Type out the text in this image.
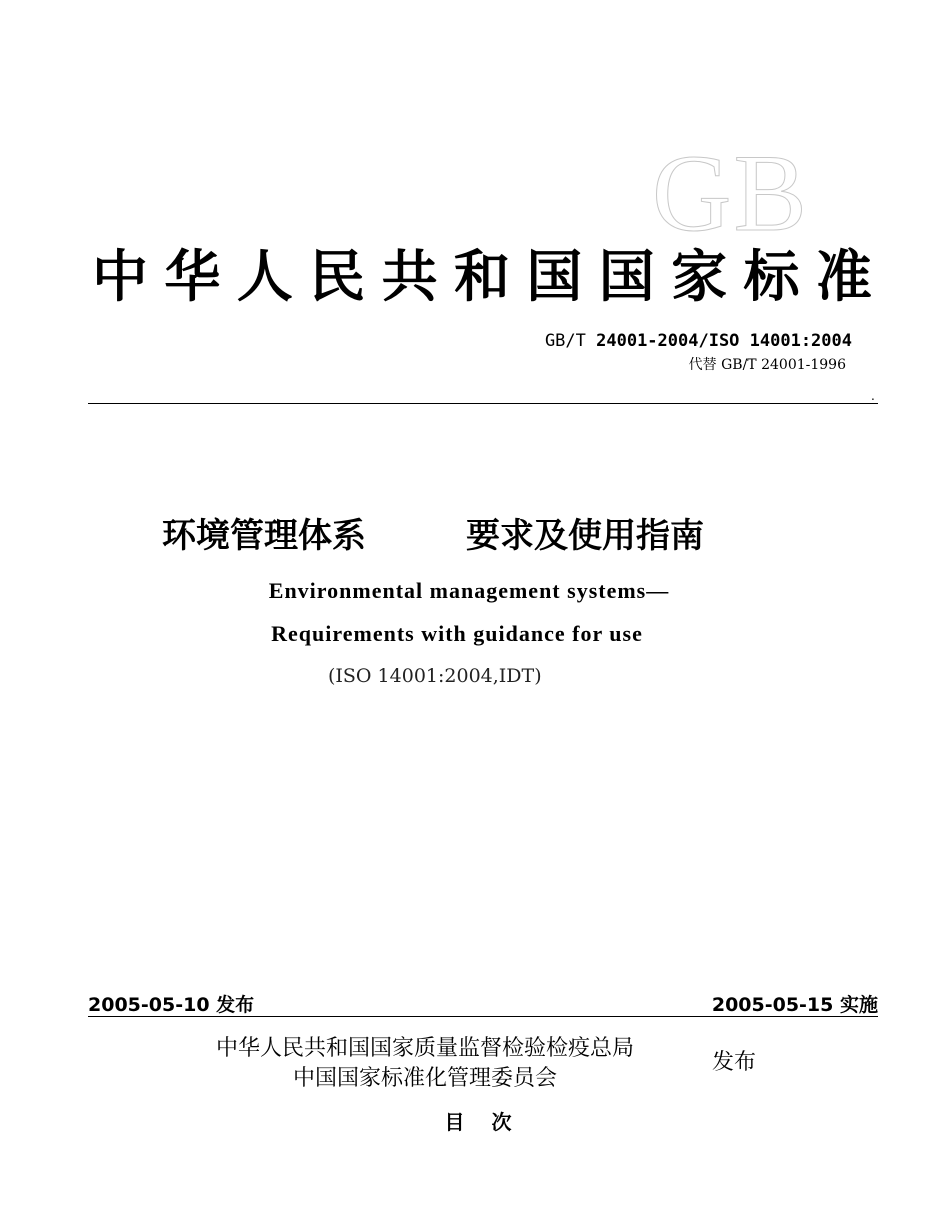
GB
中 华 人 民 共 和 国 国 家 标 准
GB/T 24001-2004/ISO 14001:2004
代替 GB/T 24001-1996
.
环境管理体系	要求及使用指南
Environmental management systems—
Requirements with guidance for use
(ISO 14001:2004,IDT)
2005-05-10 发布	2005-05-15 实施
中华人民共和国国家质量监督检验检疫总局
中国国家标准化管理委员会
发布
目 次
